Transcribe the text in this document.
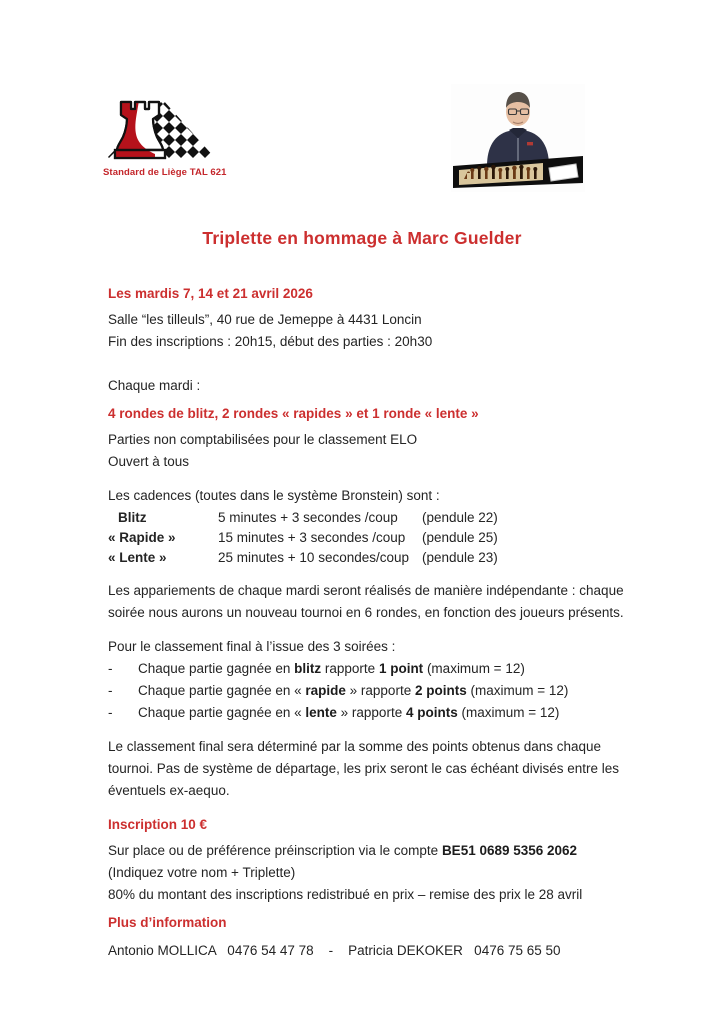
Standard de Liège TAL 621
Triplette en hommage à Marc Guelder

Les mardis 7, 14 et 21 avril 2026

Salle “les tilleuls”, 40 rue de Jemeppe à 4431 Loncin

Fin des inscriptions : 20h15, début des parties : 20h30

Chaque mardi :

4 rondes de blitz, 2 rondes « rapides » et 1 ronde « lente »

Parties non comptabilisées pour le classement ELO

Ouvert à tous

Les cadences (toutes dans le système Bronstein) sont :

Blitz	5 minutes + 3 secondes /coup	(pendule 22)
« Rapide »	15 minutes + 3 secondes /coup	(pendule 25)
« Lente »	25 minutes + 10 secondes/coup (pendule 23)

Les appariements de chaque mardi seront réalisés de manière indépendante : chaque soirée nous aurons un nouveau tournoi en 6 rondes, en fonction des joueurs présents.

Pour le classement final à l’issue des 3 soirées :

-	Chaque partie gagnée en blitz rapporte 1 point (maximum = 12)
-	Chaque partie gagnée en « rapide » rapporte 2 points (maximum = 12)
-	Chaque partie gagnée en « lente » rapporte 4 points (maximum = 12)

Le classement final sera déterminé par la somme des points obtenus dans chaque tournoi. Pas de système de départage, les prix seront le cas échéant divisés entre les éventuels ex-aequo.

Inscription 10 €

Sur place ou de préférence préinscription via le compte BE51 0689 5356 2062

(Indiquez votre nom + Triplette)

80% du montant des inscriptions redistribué en prix – remise des prix le 28 avril

Plus d’information

Antonio MOLLICA   0476 54 47 78    -    Patricia DEKOKER   0476 75 65 50
